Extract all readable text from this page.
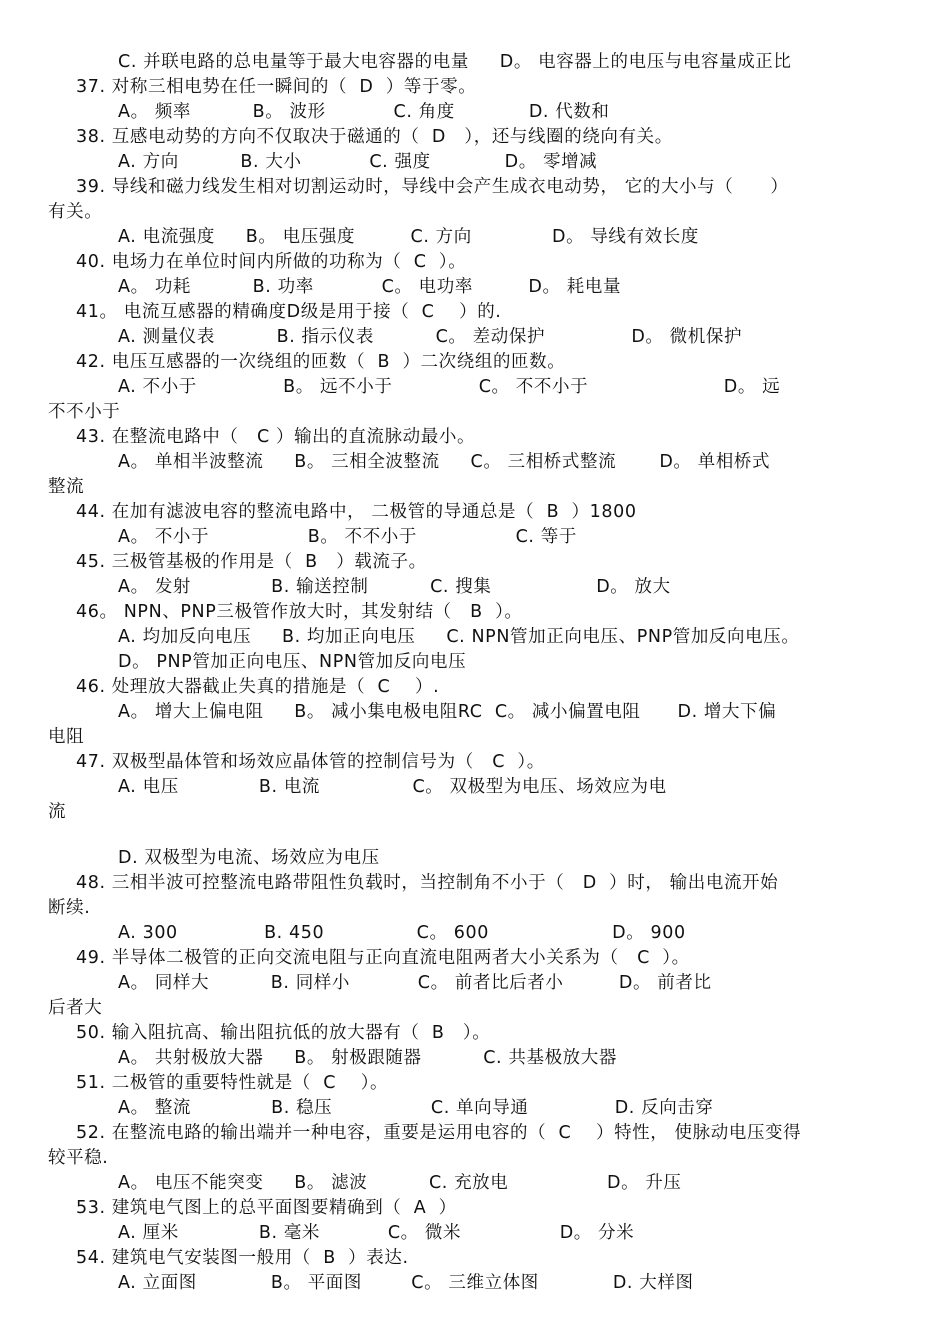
C. 并联电路的总电量等于最大电容器的电量     D。 电容器上的电压与电容量成正比
37. 对称三相电势在任一瞬间的（  D  ）等于零。
A。 频率          B。 波形           C. 角度            D. 代数和
38. 互感电动势的方向不仅取决于磁通的（  D   ），还与线圈的绕向有关。
A. 方向          B. 大小           C. 强度            D。 零增减
39. 导线和磁力线发生相对切割运动时，导线中会产生成衣电动势， 它的大小与（      ）
有关。
A. 电流强度     B。 电压强度         C. 方向             D。 导线有效长度
40. 电场力在单位时间内所做的功称为（  C  ）。
A。 功耗          B. 功率           C。 电功率         D。 耗电量
41。 电流互感器的精确度D级是用于接（  C    ）的.
A. 测量仪表          B. 指示仪表          C。 差动保护              D。 微机保护
42. 电压互感器的一次绕组的匝数（  B  ）二次绕组的匝数。
A. 不小于              B。 远不小于              C。 不不小于                      D。 远
不不小于
43. 在整流电路中（   C ）输出的直流脉动最小。
A。 单相半波整流     B。 三相全波整流     C。 三相桥式整流       D。 单相桥式
整流
44. 在加有滤波电容的整流电路中， 二极管的导通总是（  B  ）1800
A。 不小于                B。 不不小于                C. 等于
45. 三极管基极的作用是（  B   ）载流子。
A。 发射             B. 输送控制          C. 搜集                 D。 放大
46。 NPN、PNP三极管作放大时，其发射结（   B  ）。
A. 均加反向电压     B. 均加正向电压     C. NPN管加正向电压、PNP管加反向电压。
D。 PNP管加正向电压、NPN管加反向电压
46. 处理放大器截止失真的措施是（  C    ）.
A。 增大上偏电阻     B。 减小集电极电阻RC  C。 减小偏置电阻      D. 增大下偏
电阻
47. 双极型晶体管和场效应晶体管的控制信号为（   C  ）。
A. 电压             B. 电流               C。 双极型为电压、场效应为电
流
D. 双极型为电流、场效应为电压
48. 三相半波可控整流电路带阻性负载时，当控制角不小于（   D  ）时， 输出电流开始
断续.
A. 300              B. 450               C。 600                    D。 900
49. 半导体二极管的正向交流电阻与正向直流电阻两者大小关系为（   C  ）。
A。 同样大          B. 同样小           C。 前者比后者小         D。 前者比
后者大
50. 输入阻抗高、输出阻抗低的放大器有（  B   ）。
A。 共射极放大器     B。 射极跟随器          C. 共基极放大器
51. 二极管的重要特性就是（  C    ）。
A。 整流             B. 稳压                C. 单向导通              D. 反向击穿
52. 在整流电路的输出端并一种电容，重要是运用电容的（  C    ）特性， 使脉动电压变得
较平稳.
A。 电压不能突变     B。 滤波          C. 充放电                D。 升压
53. 建筑电气图上的总平面图要精确到（  A  ）
A. 厘米             B. 毫米           C。 微米                D。 分米
54. 建筑电气安装图一般用（  B  ）表达.
A. 立面图            B。 平面图        C。 三维立体图            D. 大样图
